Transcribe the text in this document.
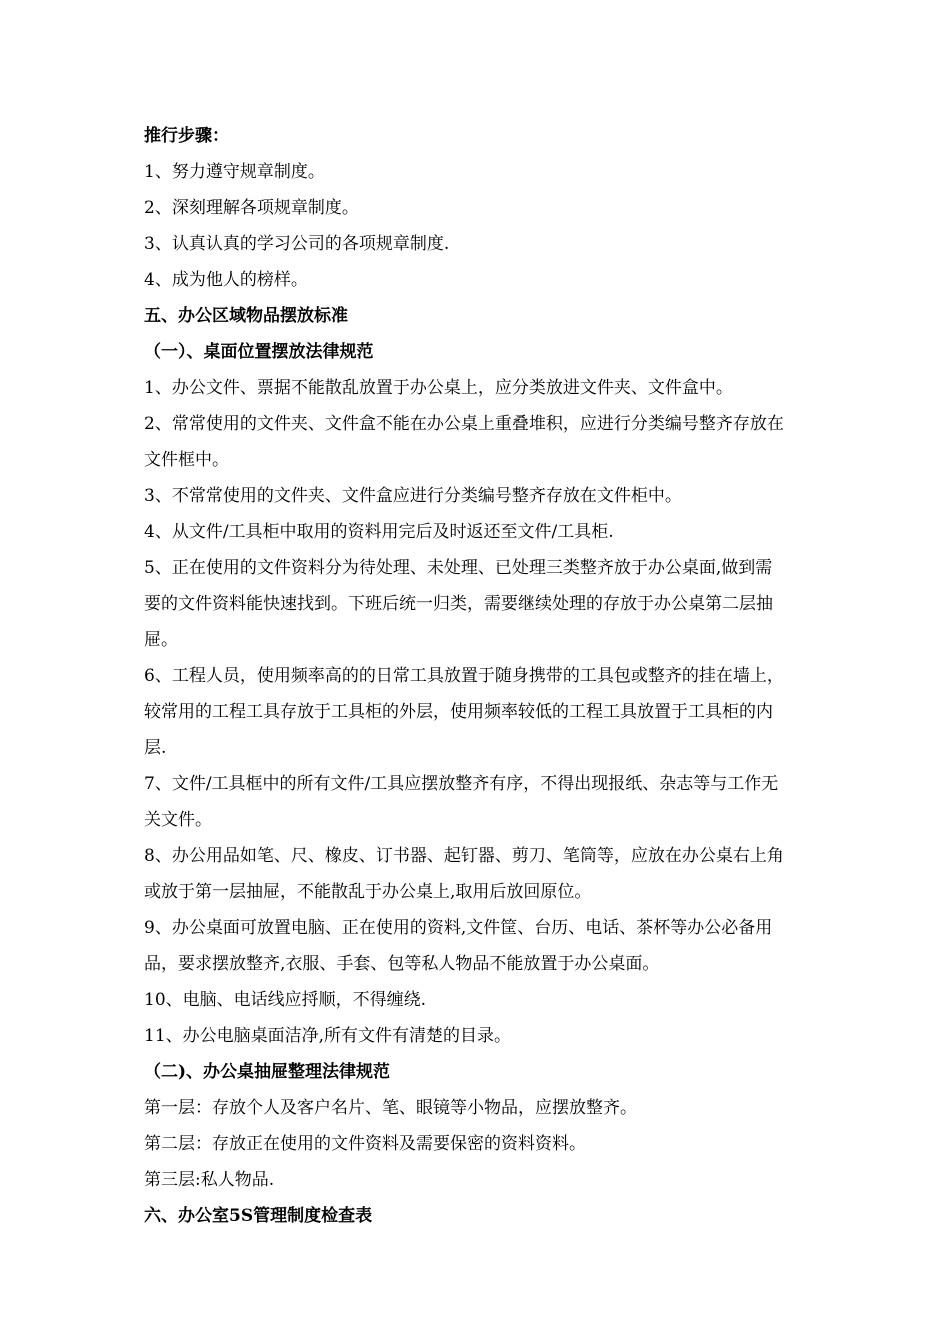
推行步骤：
1、努力遵守规章制度。
2、深刻理解各项规章制度。
3、认真认真的学习公司的各项规章制度.
4、成为他人的榜样。
五、办公区域物品摆放标准
（一）、桌面位置摆放法律规范
1、办公文件、票据不能散乱放置于办公桌上，应分类放进文件夹、文件盒中。
2、常常使用的文件夹、文件盒不能在办公桌上重叠堆积，应进行分类编号整齐存放在
文件框中。
3、不常常使用的文件夹、文件盒应进行分类编号整齐存放在文件柜中。
4、从文件/工具柜中取用的资料用完后及时返还至文件/工具柜.
5、正在使用的文件资料分为待处理、未处理、已处理三类整齐放于办公桌面,做到需
要的文件资料能快速找到。下班后统一归类，需要继续处理的存放于办公桌第二层抽
屉。
6、工程人员，使用频率高的的日常工具放置于随身携带的工具包或整齐的挂在墙上，
较常用的工程工具存放于工具柜的外层，使用频率较低的工程工具放置于工具柜的内
层.
7、文件/工具框中的所有文件/工具应摆放整齐有序，不得出现报纸、杂志等与工作无
关文件。
8、办公用品如笔、尺、橡皮、订书器、起钉器、剪刀、笔筒等，应放在办公桌右上角
或放于第一层抽屉，不能散乱于办公桌上,取用后放回原位。
9、办公桌面可放置电脑、正在使用的资料,文件筐、台历、电话、茶杯等办公必备用
品，要求摆放整齐,衣服、手套、包等私人物品不能放置于办公桌面。
10、电脑、电话线应捋顺，不得缠绕.
11、办公电脑桌面洁净,所有文件有清楚的目录。
（二)、办公桌抽屉整理法律规范
第一层：存放个人及客户名片、笔、眼镜等小物品，应摆放整齐。
第二层：存放正在使用的文件资料及需要保密的资料资料。
第三层:私人物品.
六、办公室5S管理制度检查表
